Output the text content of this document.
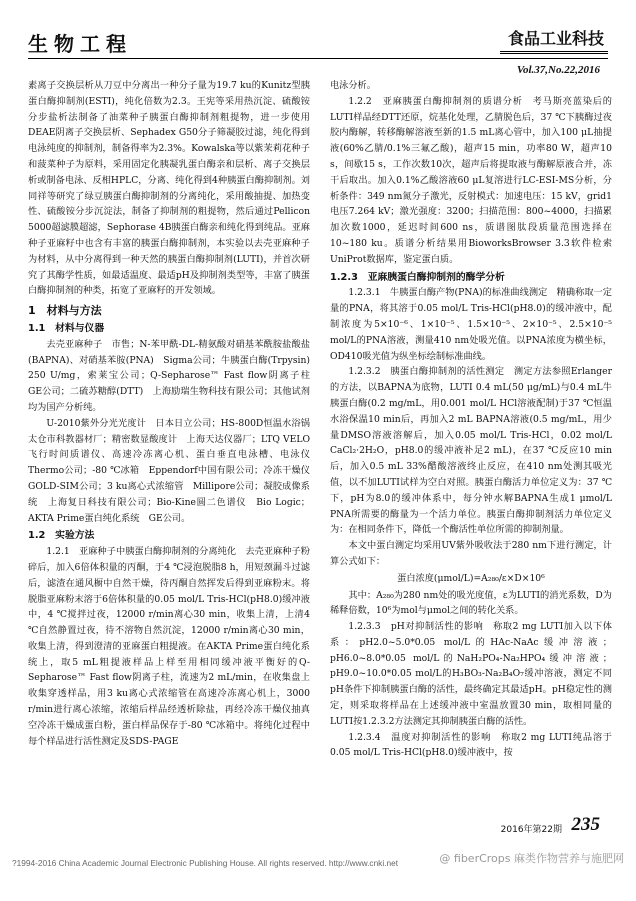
生物工程	食品工业科技
Vol.37,No.22,2016

素离子交换层析从刀豆中分离出一种分子量为19.7 ku的Kunitz型胰蛋白酶抑制剂(ESTI)，纯化倍数为2.3。王宪等采用热沉淀、硫酸铵分步盐析法制备了油菜种子胰蛋白酶抑制剂粗提物，进一步使用DEAE阴离子交换层析、Sephadex G50分子筛凝胶过滤，纯化得到电泳纯度的抑制剂，制备得率为2.3%。Kowalska等以紫茉莉花种子和菠菜种子为原料，采用固定化胰凝乳蛋白酶亲和层析、离子交换层析或制备电泳、反相HPLC，分离、纯化得到4种胰蛋白酶抑制剂。刘同祥等研究了绿豆胰蛋白酶抑制剂的分离纯化，采用酸抽提、加热变性、硫酸铵分步沉淀法，制备了抑制剂的粗提物，然后通过Pellicon 5000超滤膜超滤，Sephorase 4B胰蛋白酶亲和纯化得到纯品。亚麻种子亚麻籽中也含有丰富的胰蛋白酶抑制剂，本实验以去壳亚麻种子为材料，从中分离得到一种天然的胰蛋白酶抑制剂(LUTI)，并首次研究了其酶学性质，如最适温度、最适pH及抑制剂类型等，丰富了胰蛋白酶抑制剂的种类，拓宽了亚麻籽的开发领域。

1　材料与方法
1.1　材料与仪器

去壳亚麻种子　市售；N-苯甲酰-DL-精氨酸对硝基苯酰胺盐酸盐(BAPNA)、对硝基苯胺(PNA)　Sigma公司；牛胰蛋白酶(Trpysin)　250 U/mg，索莱宝公司；Q-Sepharose™ Fast flow阴离子柱　GE公司；二硫苏糖醇(DTT)　上海励瑞生物科技有限公司；其他试剂　均为国产分析纯。

U-2010紫外分光光度计　日本日立公司；HS-800D恒温水浴锅　太仓市科教器材厂；精密数显酸度计　上海天达仪器厂；LTQ VELO飞行时间质谱仪、高速冷冻离心机、蛋白垂直电泳槽、电泳仪　Thermo公司；-80 ℃冰箱　Eppendorf中国有限公司；冷冻干燥仪　GOLD-SIM公司；3 ku离心式浓缩管　Millipore公司；凝胶成像系统　上海复日科技有限公司；Bio-Kine圆二色谱仪　Bio Logic；AKTA Prime蛋白纯化系统　GE公司。

1.2　实验方法

1.2.1　亚麻种子中胰蛋白酶抑制剂的分离纯化　去壳亚麻种子粉碎后，加入6倍体积量的丙酮，于4 ℃浸泡脱脂8 h，用短颈漏斗过滤后，滤渣在通风橱中自然干燥，待丙酮自然挥发后得到亚麻粉末。将脱脂亚麻粉末溶于6倍体积量的0.05 mol/L Tris-HCl(pH8.0)缓冲液中，4 ℃搅拌过夜，12000 r/min离心30 min，收集上清，上清4 ℃自然静置过夜，待不溶物自然沉淀，12000 r/min离心30 min，收集上清，得到澄清的亚麻蛋白粗提液。在AKTA Prime蛋白纯化系统上，取5 mL粗提液样品上样至用相同缓冲液平衡好的Q-Sepharose™ Fast flow阴离子柱，流速为2 mL/min，在收集盘上收集穿透样品，用3 ku离心式浓缩管在高速冷冻离心机上，3000 r/min进行离心浓缩，浓缩后样品经透析除盐，再经冷冻干燥仪抽真空冷冻干燥成蛋白粉，蛋白样品保存于-80 ℃冰箱中。将纯化过程中每个样品进行活性测定及SDS-PAGE

电泳分析。

1.2.2　亚麻胰蛋白酶抑制剂的质谱分析　考马斯亮蓝染后的LUTI样品经DTT还原，烷基化处理，乙腈脱色后，37 ℃下胰酶过夜胶内酶解，转移酶解溶液至新的1.5 mL离心管中，加入100 μL抽提液(60%乙腈/0.1%三氟乙酸)，超声15 min，功率80 W，超声10 s，间歇15 s，工作次数10次，超声后将提取液与酶解原液合并，冻干后取出。加入0.1%乙酸溶液60 μL复溶进行LC-ESI-MS分析，分析条件：349 nm氮分子激光，反射模式：加速电压：15 kV，grid1电压7.264 kV；激光强度：3200；扫描范围：800~4000，扫描累加次数1000，延迟时间600 ns，质谱图肽段质量范围选择在10~180 ku。质谱分析结果用BioworksBrowser 3.3软件检索UniProt数据库，鉴定蛋白质。

1.2.3　亚麻胰蛋白酶抑制剂的酶学分析

1.2.3.1　牛胰蛋白酶产物(PNA)的标准曲线测定　精确称取一定量的PNA，将其溶于0.05 mol/L Tris-HCl(pH8.0)的缓冲液中，配制浓度为5×10⁻⁶、1×10⁻⁵、1.5×10⁻⁵、2×10⁻⁵、2.5×10⁻⁵ mol/L的PNA溶液，测量410 nm处吸光值。以PNA浓度为横坐标，OD410吸光值为纵坐标绘制标准曲线。

1.2.3.2　胰蛋白酶抑制剂的活性测定　测定方法参照Erlanger的方法，以BAPNA为底物，LUTI 0.4 mL(50 μg/mL)与0.4 mL牛胰蛋白酶(0.2 mg/mL，用0.001 mol/L HCl溶液配制)于37 ℃恒温水浴保温10 min后，再加入2 mL BAPNA溶液(0.5 mg/mL，用少量DMSO溶液溶解后，加入0.05 mol/L Tris-HCl，0.02 mol/L CaCl₂·2H₂O，pH8.0的缓冲液补足2 mL)，在37 ℃反应10 min后，加入0.5 mL 33%醋酸溶液终止反应，在410 nm处测其吸光值，以不加LUTI试样为空白对照。胰蛋白酶活力单位定义为：37 ℃下，pH为8.0的缓冲体系中，每分钟水解BAPNA生成1 μmol/L PNA所需要的酶量为一个活力单位。胰蛋白酶抑制剂活力单位定义为：在相同条件下，降低一个酶活性单位所需的抑制剂量。

本文中蛋白测定均采用UV紫外吸收法于280 nm下进行测定，计算公式如下：

蛋白浓度(μmol/L)=A₂₈₀/ε×D×10⁶

其中：A₂₈₀为280 nm处的吸光度值，ε为LUTI的消光系数，D为稀释倍数，10⁶为mol与μmol之间的转化关系。

1.2.3.3　pH对抑制活性的影响　称取2 mg LUTI加入以下体系：pH2.0~5.0*0.05 mol/L的HAc-NaAc缓冲溶液；pH6.0~8.0*0.05 mol/L的NaH₂PO₄-Na₂HPO₄缓冲溶液；pH9.0~10.0*0.05 mol/L的H₃BO₃-Na₂B₄O₇缓冲溶液，测定不同pH条件下抑制胰蛋白酶的活性，最终确定其最适pH。pH稳定性的测定，则采取将样品在上述缓冲液中室温放置30 min，取相同量的LUTI按1.2.3.2方法测定其抑制胰蛋白酶的活性。

1.2.3.4　温度对抑制活性的影响　称取2 mg LUTI纯品溶于0.05 mol/L Tris-HCl(pH8.0)缓冲液中，按

2016年第22期 235
?1994-2016 China Academic Journal Electronic Publishing House. All rights reserved. http://www.cnki.net	@ fiberCrops 麻类作物营养与施肥网
